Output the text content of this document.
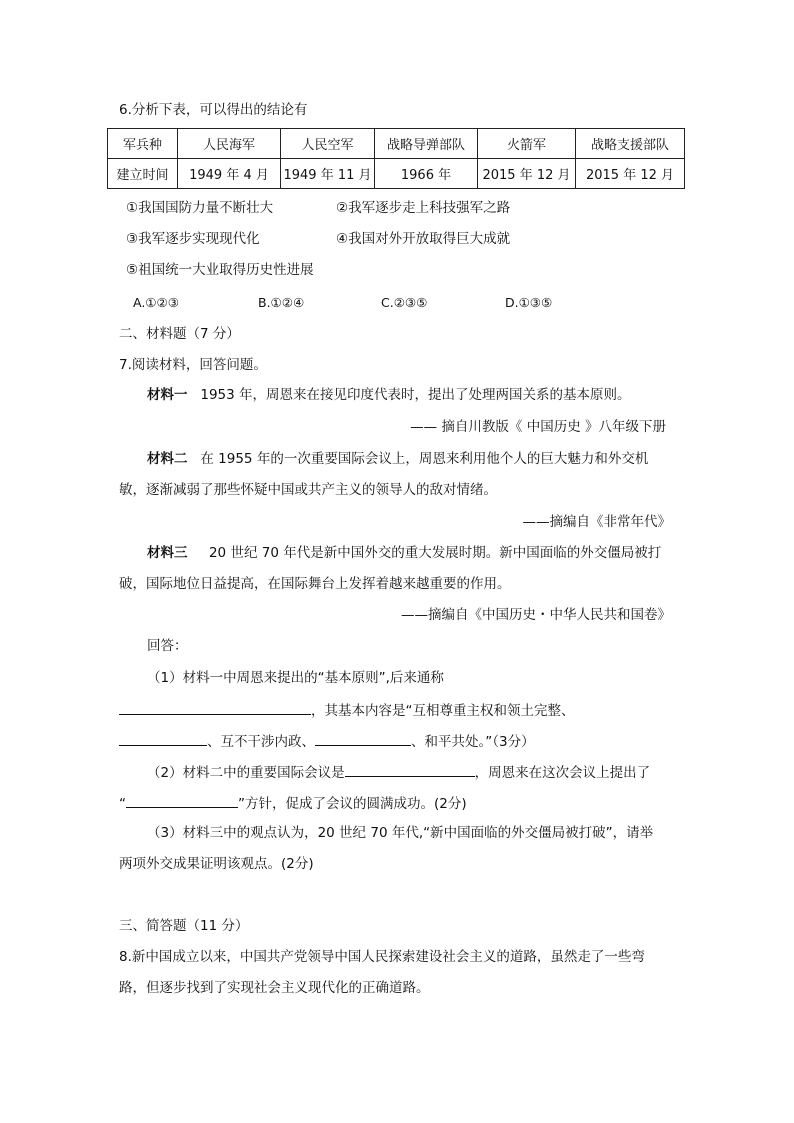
6.分析下表，可以得出的结论有
军兵种	人民海军	人民空军	战略导弹部队	火箭军	战略支援部队
建立时间	1949 年 4 月	1949 年 11 月	1966 年	2015 年 12 月	2015 年 12 月
①我国国防力量不断壮大	②我军逐步走上科技强军之路
③我军逐步实现现代化	④我国对外开放取得巨大成就
⑤祖国统一大业取得历史性进展
A.①②③	B.①②④	C.②③⑤	D.①③⑤
二、材料题（7 分）
7.阅读材料，回答问题。
材料一 1953 年，周恩来在接见印度代表时，提出了处理两国关系的基本原则。
—— 摘自川教版《 中国历史 》八年级下册
材料二 在 1955 年的一次重要国际会议上，周恩来利用他个人的巨大魅力和外交机
敏，逐渐减弱了那些怀疑中国或共产主义的领导人的敌对情绪。
——摘编自《非常年代》
材料三 20 世纪 70 年代是新中国外交的重大发展时期。新中国面临的外交僵局被打
破，国际地位日益提高，在国际舞台上发挥着越来越重要的作用。
——摘编自《中国历史・中华人民共和国卷》
回答：
（1）材料一中周恩来提出的“基本原则”,后来通称
，其基本内容是“互相尊重主权和领土完整、
、互不干涉内政、	、和平共处。”（3分）
（2）材料二中的重要国际会议是	，周恩来在这次会议上提出了
“	”方针，促成了会议的圆满成功。(2分)
（3）材料三中的观点认为，20 世纪 70 年代,“新中国面临的外交僵局被打破”，请举
两项外交成果证明该观点。(2分)
三、简答题（11 分）
8.新中国成立以来，中国共产党领导中国人民探索建设社会主义的道路，虽然走了一些弯
路，但逐步找到了实现社会主义现代化的正确道路。
